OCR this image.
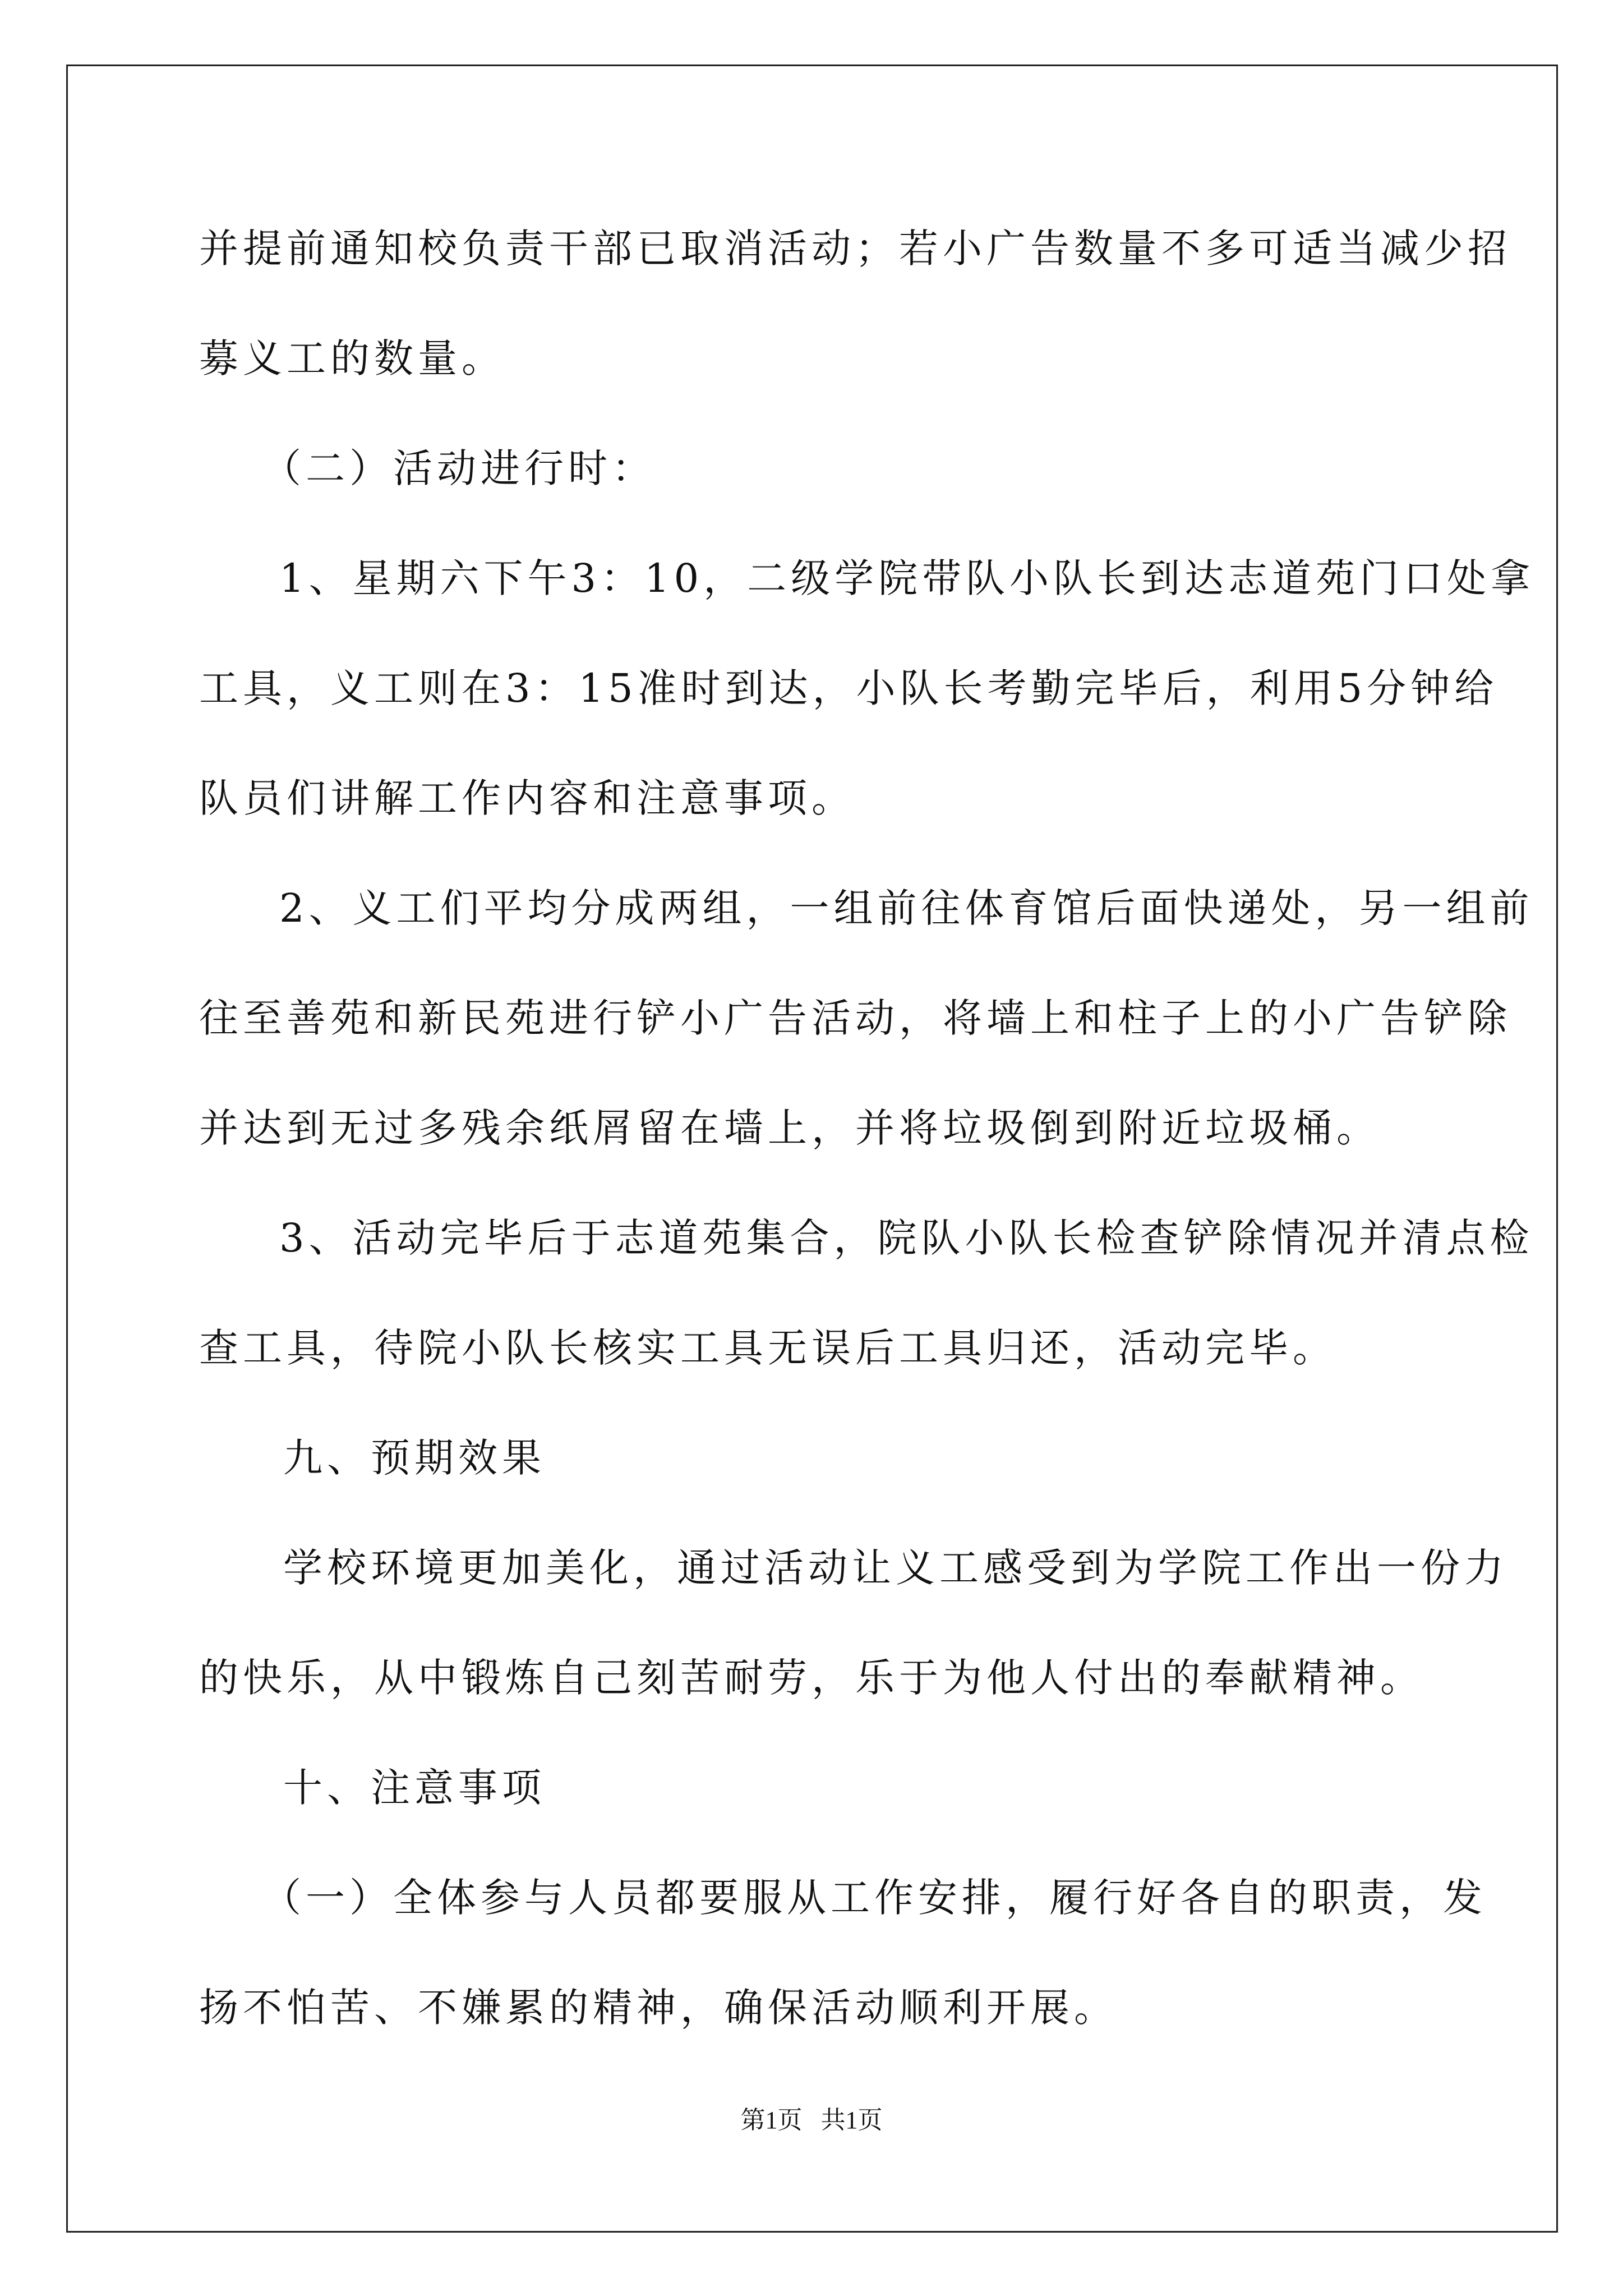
并提前通知校负责干部已取消活动；若小广告数量不多可适当减少招
募义工的数量。
（二）活动进行时：
1、星期六下午3：10，二级学院带队小队长到达志道苑门口处拿
工具，义工则在3：15准时到达，小队长考勤完毕后，利用5分钟给
队员们讲解工作内容和注意事项。
2、义工们平均分成两组，一组前往体育馆后面快递处，另一组前
往至善苑和新民苑进行铲小广告活动，将墙上和柱子上的小广告铲除
并达到无过多残余纸屑留在墙上，并将垃圾倒到附近垃圾桶。
3、活动完毕后于志道苑集合，院队小队长检查铲除情况并清点检
查工具，待院小队长核实工具无误后工具归还，活动完毕。
九、预期效果
学校环境更加美化，通过活动让义工感受到为学院工作出一份力
的快乐，从中锻炼自己刻苦耐劳，乐于为他人付出的奉献精神。
十、注意事项
（一）全体参与人员都要服从工作安排，履行好各自的职责，发
扬不怕苦、不嫌累的精神，确保活动顺利开展。
第1页   共1页
